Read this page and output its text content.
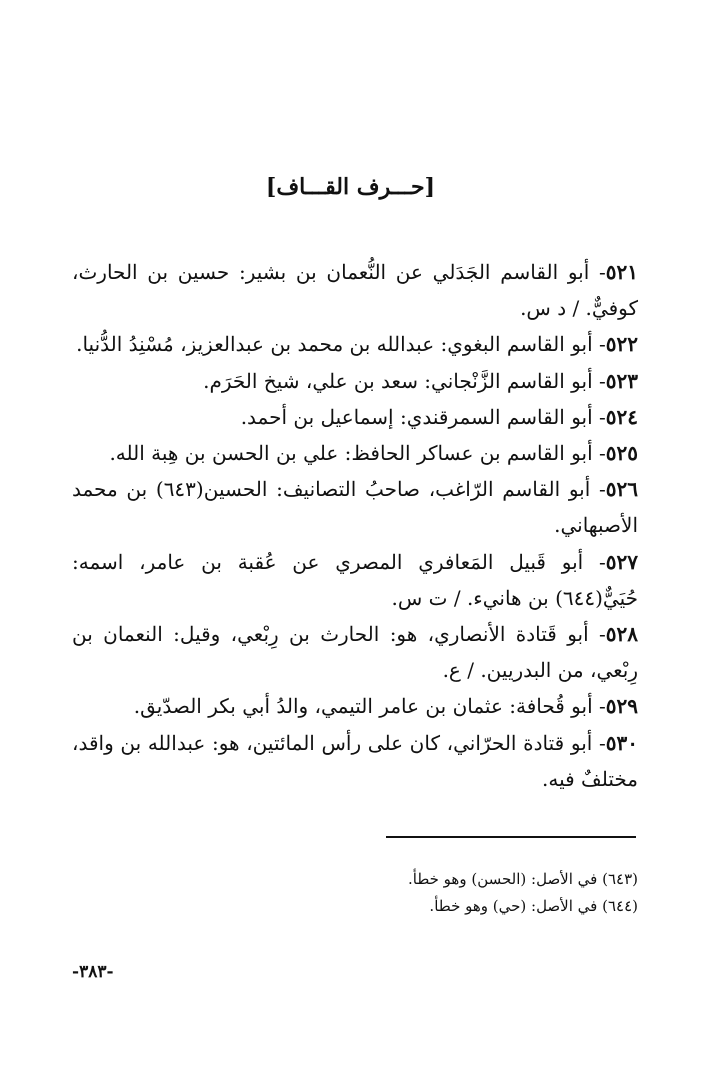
[حـــرف القـــاف]

٥٢١- أبو القاسم الجَدَلي عن النُّعمان بن بشير: حسين بن الحارث، كوفيٌّ. / د س.

٥٢٢- أبو القاسم البغوي: عبدالله بن محمد بن عبدالعزيز، مُسْنِدُ الدُّنيا.

٥٢٣- أبو القاسم الزَّنْجاني: سعد بن علي، شيخ الحَرَم.

٥٢٤- أبو القاسم السمرقندي: إسماعيل بن أحمد.

٥٢٥- أبو القاسم بن عساكر الحافظ: علي بن الحسن بن هِبة الله.

٥٢٦- أبو القاسم الرّاغب، صاحبُ التصانيف: الحسين(٦٤٣) بن محمد الأصبهاني.

٥٢٧- أبو قَبيل المَعافري المصري عن عُقبة بن عامر، اسمه: حُيَيٌّ(٦٤٤) بن هانيء. / ت س.

٥٢٨- أبو قَتادة الأنصاري، هو: الحارث بن رِبْعي، وقيل: النعمان بن رِبْعي، من البدريين. / ع.

٥٢٩- أبو قُحافة: عثمان بن عامر التيمي، والدُ أبي بكر الصدّيق.

٥٣٠- أبو قتادة الحرّاني، كان على رأس المائتين، هو: عبدالله بن واقد، مختلفٌ فيه.

(٦٤٣) في الأصل: (الحسن) وهو خطأ.

(٦٤٤) في الأصل: (حي) وهو خطأ.

-٣٨٣-
